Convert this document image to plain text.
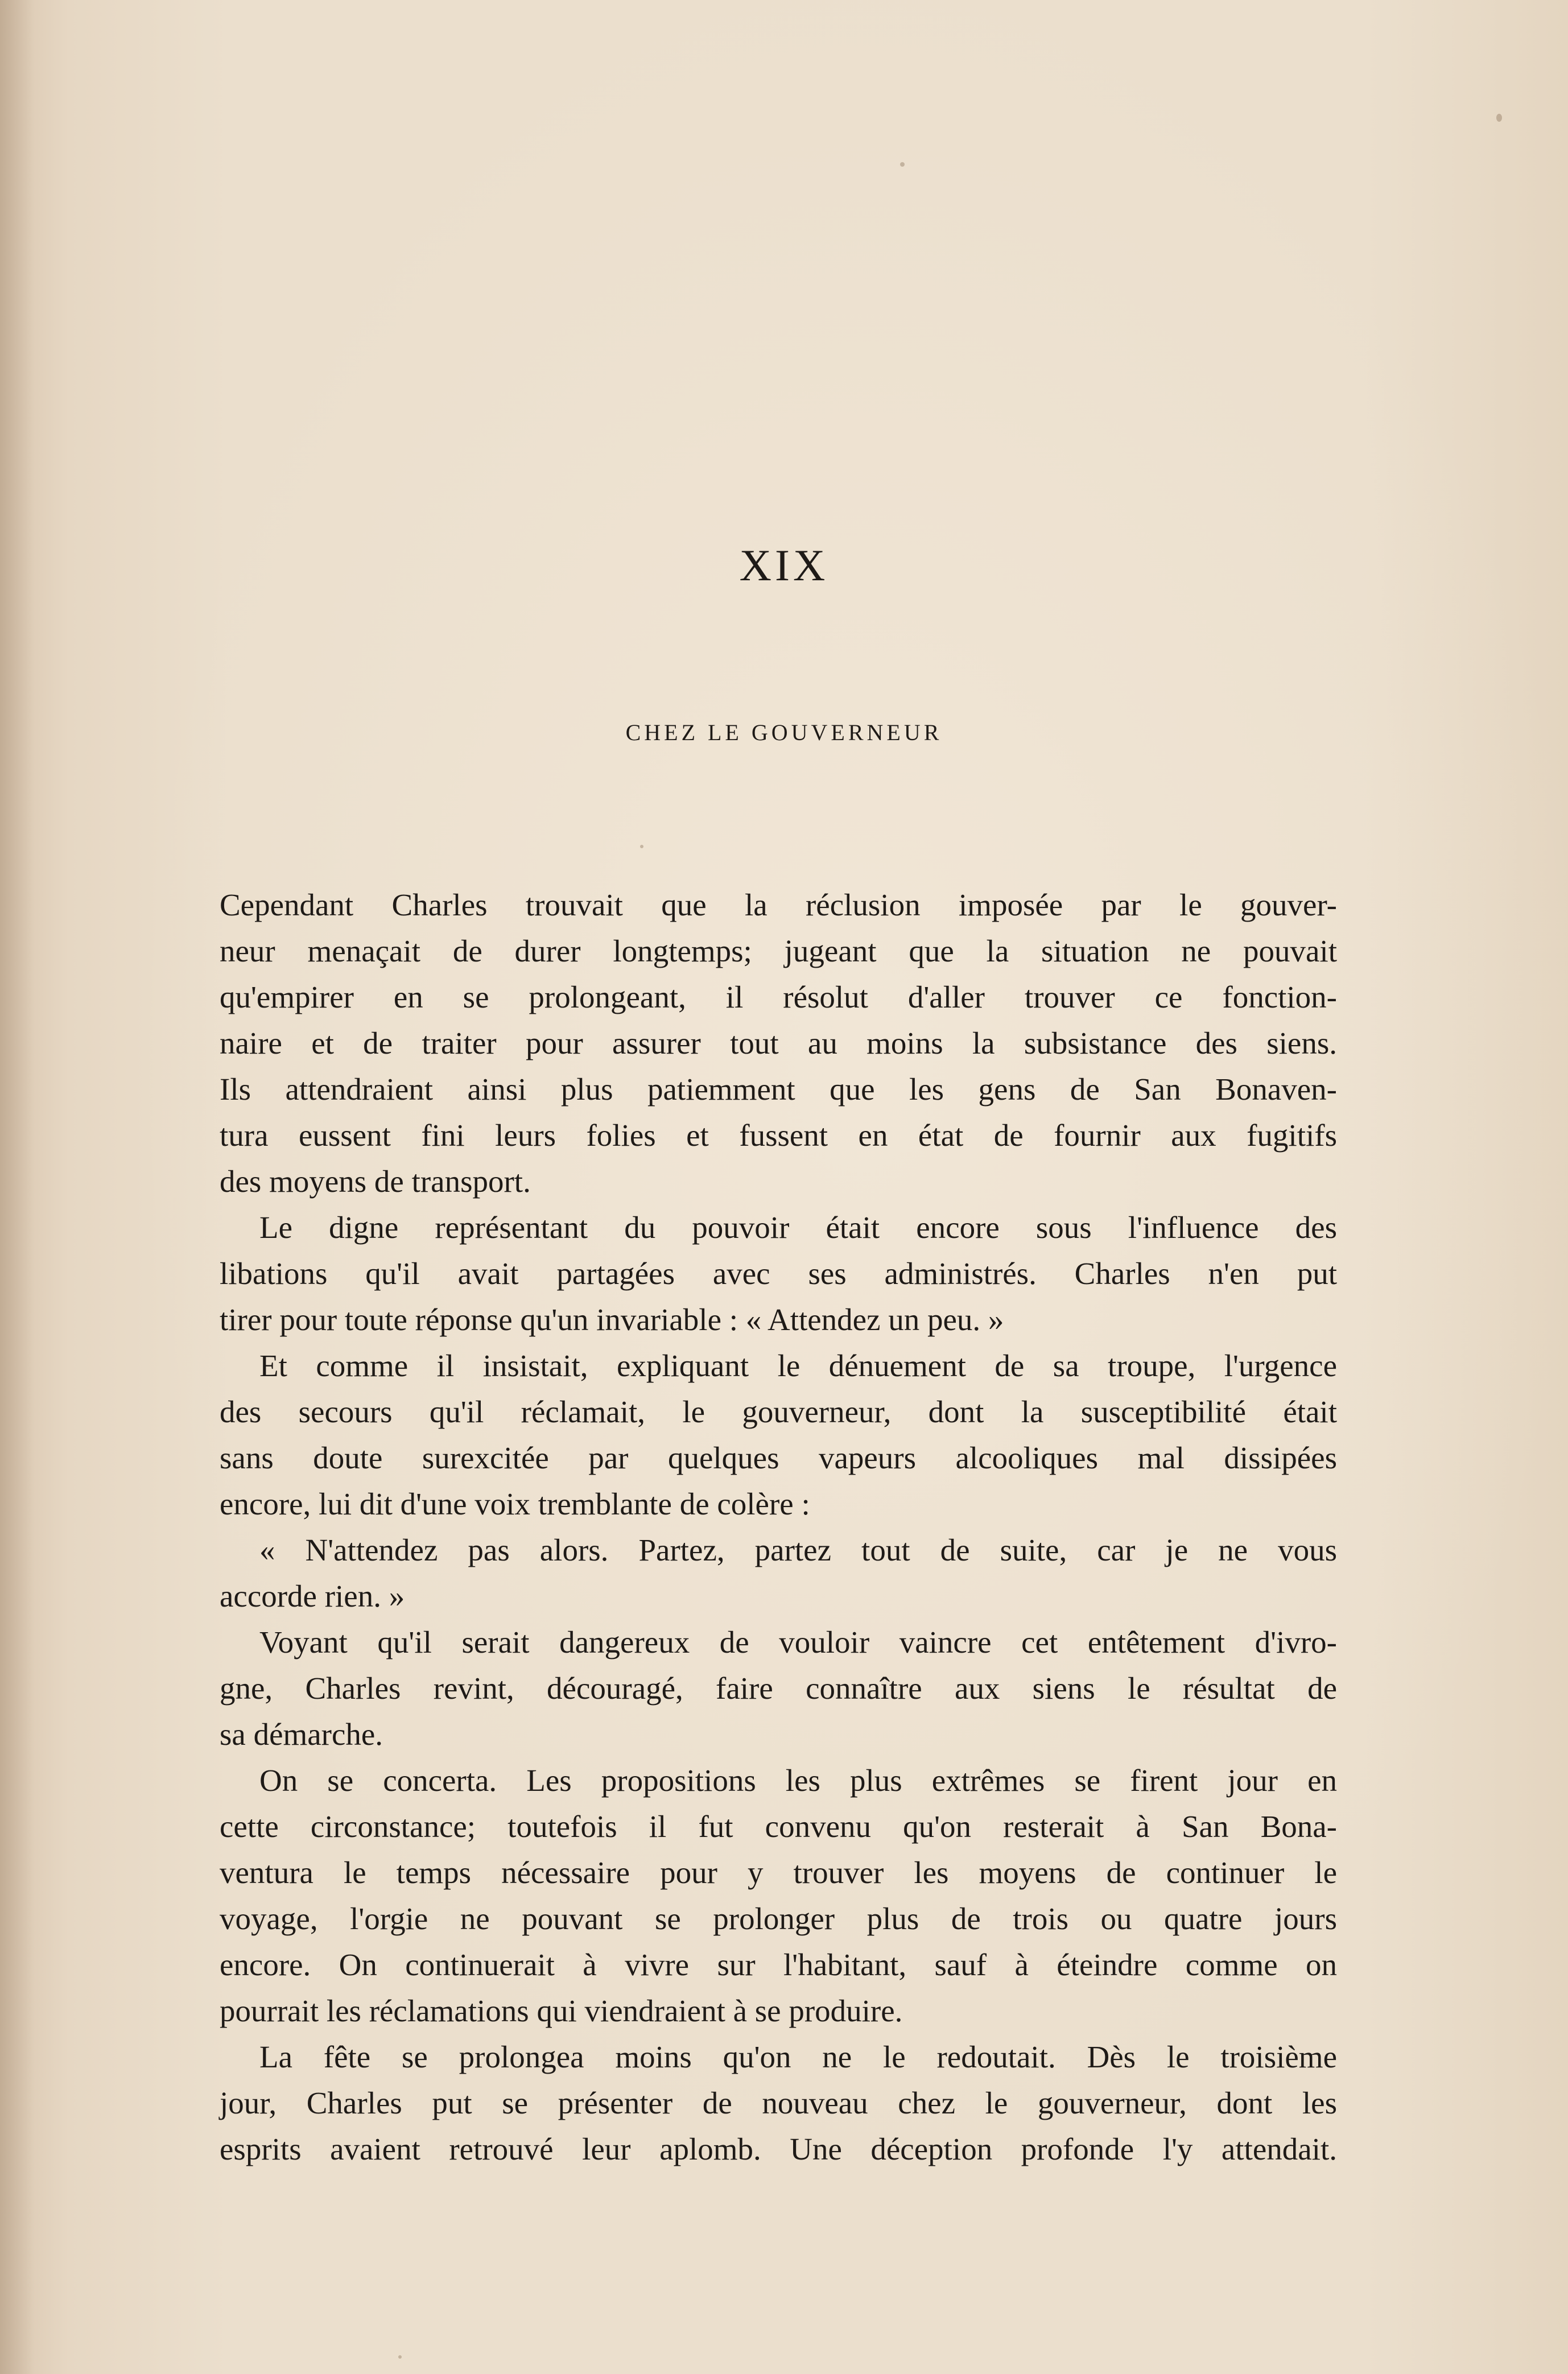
XIX
CHEZ LE GOUVERNEUR
Cependant Charles trouvait que la réclusion imposée par le gouver-
neur menaçait de durer longtemps; jugeant que la situation ne pouvait
qu'empirer en se prolongeant, il résolut d'aller trouver ce fonction-
naire et de traiter pour assurer tout au moins la subsistance des siens.
Ils attendraient ainsi plus patiemment que les gens de San Bonaven-
tura eussent fini leurs folies et fussent en état de fournir aux fugitifs
des moyens de transport.
Le digne représentant du pouvoir était encore sous l'influence des
libations qu'il avait partagées avec ses administrés. Charles n'en put
tirer pour toute réponse qu'un invariable : « Attendez un peu. »
Et comme il insistait, expliquant le dénuement de sa troupe, l'urgence
des secours qu'il réclamait, le gouverneur, dont la susceptibilité était
sans doute surexcitée par quelques vapeurs alcooliques mal dissipées
encore, lui dit d'une voix tremblante de colère :
« N'attendez pas alors. Partez, partez tout de suite, car je ne vous
accorde rien. »
Voyant qu'il serait dangereux de vouloir vaincre cet entêtement d'ivro-
gne, Charles revint, découragé, faire connaître aux siens le résultat de
sa démarche.
On se concerta. Les propositions les plus extrêmes se firent jour en
cette circonstance; toutefois il fut convenu qu'on resterait à San Bona-
ventura le temps nécessaire pour y trouver les moyens de continuer le
voyage, l'orgie ne pouvant se prolonger plus de trois ou quatre jours
encore. On continuerait à vivre sur l'habitant, sauf à éteindre comme on
pourrait les réclamations qui viendraient à se produire.
La fête se prolongea moins qu'on ne le redoutait. Dès le troisième
jour, Charles put se présenter de nouveau chez le gouverneur, dont les
esprits avaient retrouvé leur aplomb. Une déception profonde l'y attendait.
